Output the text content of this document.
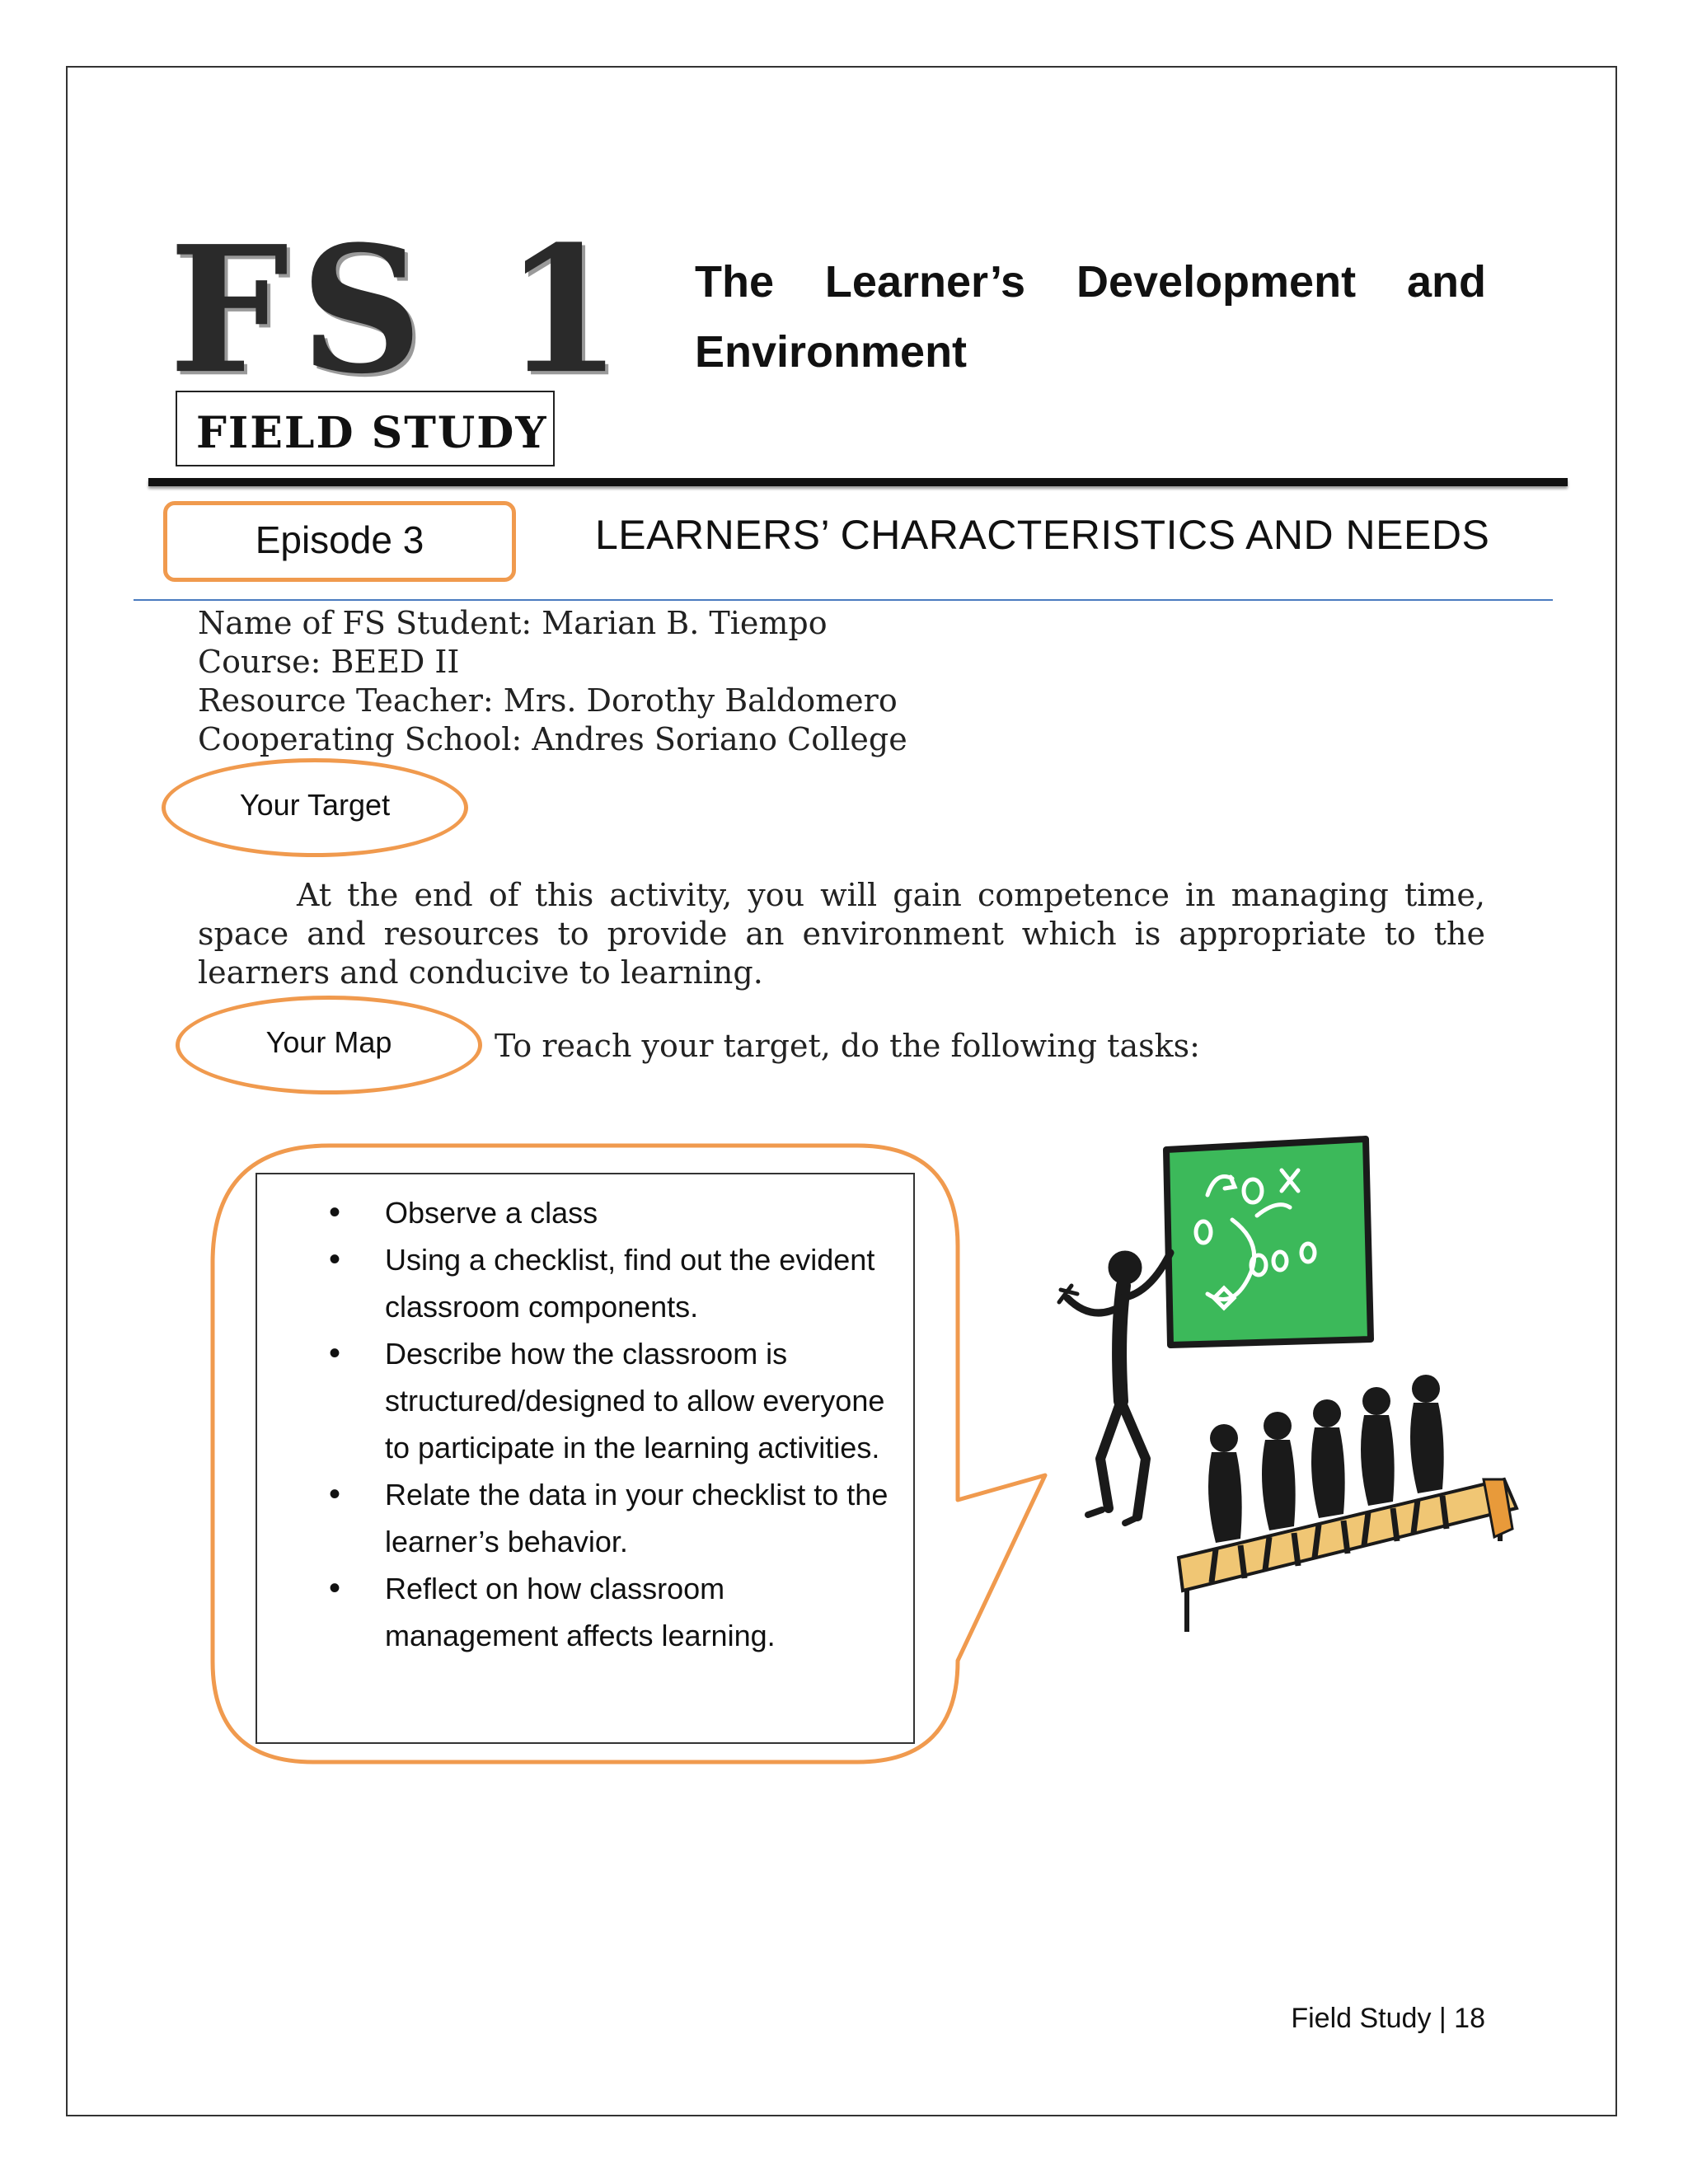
FS 1
FIELD STUDY
The Learner’s Development and
Environment
Episode 3	LEARNERS’ CHARACTERISTICS AND NEEDS
Name of FS Student: Marian B. Tiempo
Course: BEED II
Resource Teacher: Mrs. Dorothy Baldomero
Cooperating School: Andres Soriano College
Your Target
At the end of this activity, you will gain competence in managing time, space and resources to provide an environment which is appropriate to the learners and conducive to learning.
Your Map	To reach your target, do the following tasks:
• Observe a class
• Using a checklist, find out the evident classroom components.
• Describe how the classroom is structured/designed to allow everyone to participate in the learning activities.
• Relate the data in your checklist to the learner’s behavior.
• Reflect on how classroom management affects learning.
Field Study | 18
